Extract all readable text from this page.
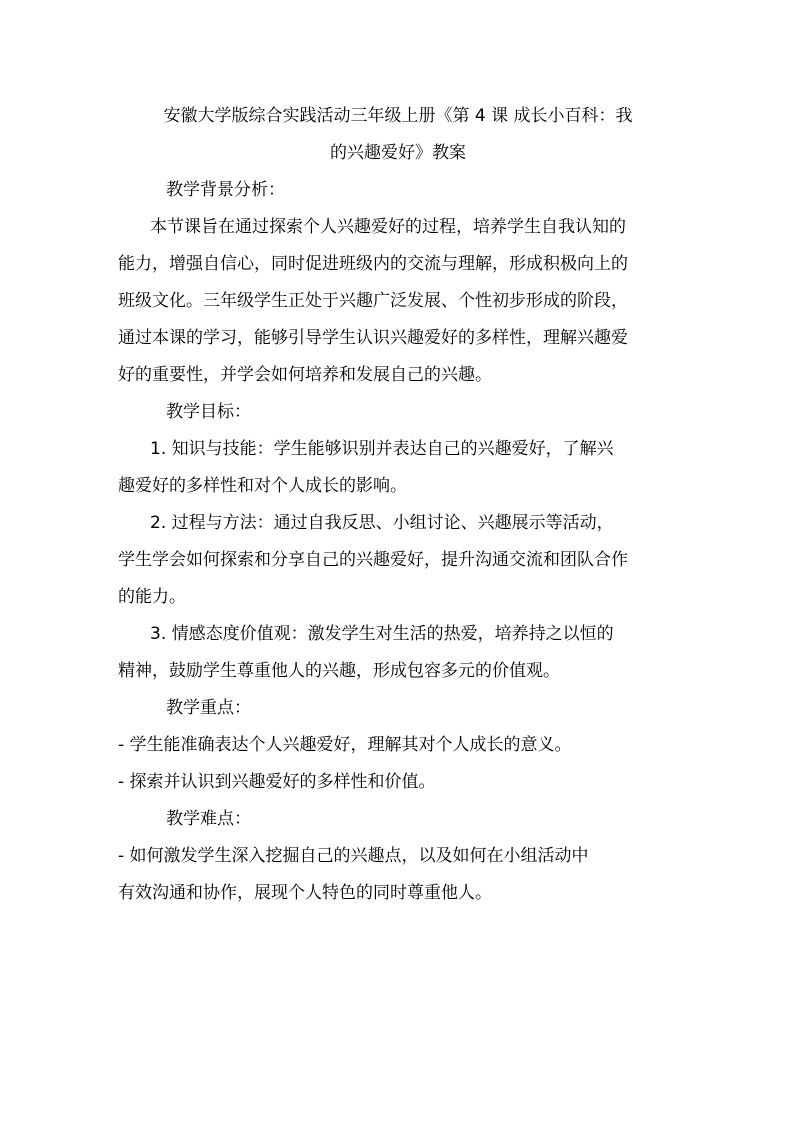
安徽大学版综合实践活动三年级上册《第 4 课 成长小百科：我
的兴趣爱好》教案
教学背景分析：
本节课旨在通过探索个人兴趣爱好的过程，培养学生自我认知的
能力，增强自信心，同时促进班级内的交流与理解，形成积极向上的
班级文化。三年级学生正处于兴趣广泛发展、个性初步形成的阶段，
通过本课的学习，能够引导学生认识兴趣爱好的多样性，理解兴趣爱
好的重要性，并学会如何培养和发展自己的兴趣。
教学目标：
1. 知识与技能：学生能够识别并表达自己的兴趣爱好，了解兴
趣爱好的多样性和对个人成长的影响。
2. 过程与方法：通过自我反思、小组讨论、兴趣展示等活动，
学生学会如何探索和分享自己的兴趣爱好，提升沟通交流和团队合作
的能力。
3. 情感态度价值观：激发学生对生活的热爱，培养持之以恒的
精神，鼓励学生尊重他人的兴趣，形成包容多元的价值观。
教学重点：
- 学生能准确表达个人兴趣爱好，理解其对个人成长的意义。
- 探索并认识到兴趣爱好的多样性和价值。
教学难点：
- 如何激发学生深入挖掘自己的兴趣点，以及如何在小组活动中
有效沟通和协作，展现个人特色的同时尊重他人。
